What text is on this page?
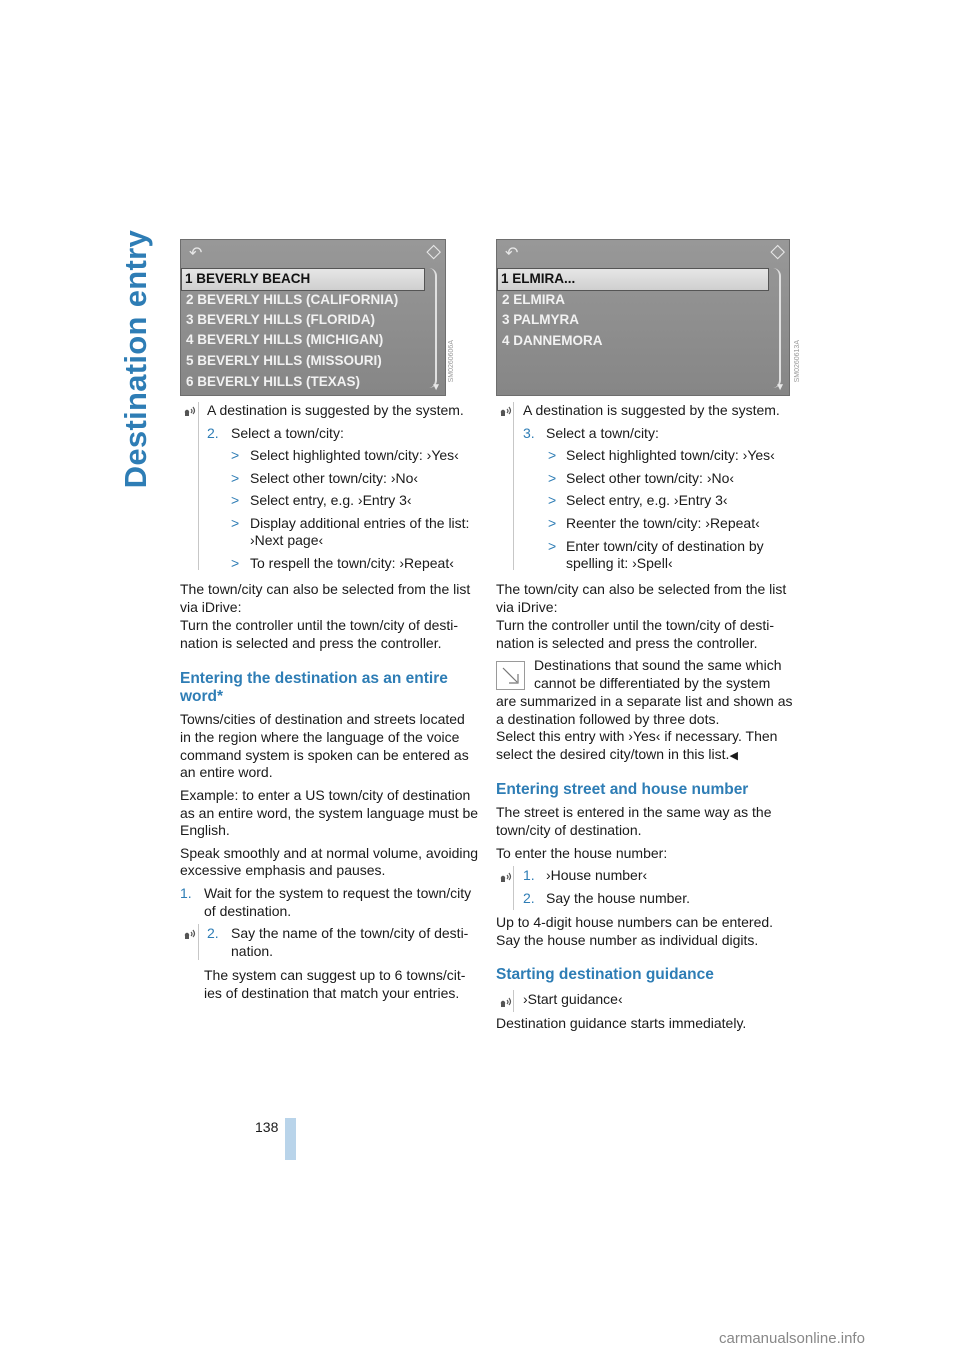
Destination entry ↶	◇
1 BEVERLY BEACH
2 BEVERLY HILLS (CALIFORNIA)
3 BEVERLY HILLS (FLORIDA)
4 BEVERLY HILLS (MICHIGAN)
5 BEVERLY HILLS (MISSOURI)
6 BEVERLY HILLS (TEXAS)	▼
SM0260606A
↶	◇
1 ELMIRA...
2 ELMIRA
3 PALMYRA
4 DANNEMORA
▼
SM0260613A
A destination is suggested by the system.
2. Select a town/city:
> Select highlighted town/city: ›Yes‹
> Select other town/city: ›No‹
> Select entry, e.g. ›Entry 3‹
> Display additional entries of the list:
›Next page‹
> To respell the town/city: ›Repeat‹
The town/city can also be selected from the list
via iDrive:
Turn the controller until the town/city of desti-
nation is selected and press the controller.
Entering the destination as an entire
word*
Towns/cities of destination and streets located
in the region where the language of the voice
command system is spoken can be entered as
an entire word.
Example: to enter a US town/city of destination
as an entire word, the system language must be
English.
Speak smoothly and at normal volume, avoiding
excessive emphasis and pauses.
1. Wait for the system to request the town/city
of destination.
2. Say the name of the town/city of desti-
nation.
The system can suggest up to 6 towns/cit-
ies of destination that match your entries.
A destination is suggested by the system.
3. Select a town/city:
> Select highlighted town/city: ›Yes‹
> Select other town/city: ›No‹
> Select entry, e.g. ›Entry 3‹
> Reenter the town/city: ›Repeat‹
> Enter town/city of destination by
spelling it: ›Spell‹
The town/city can also be selected from the list
via iDrive:
Turn the controller until the town/city of desti-
nation is selected and press the controller.
Destinations that sound the same which
cannot be differentiated by the system
are summarized in a separate list and shown as
a destination followed by three dots.
Select this entry with ›Yes‹ if necessary. Then
select the desired city/town in this list.◀
Entering street and house number
The street is entered in the same way as the
town/city of destination.
To enter the house number:
1. ›House number‹
2. Say the house number.
Up to 4-digit house numbers can be entered.
Say the house number as individual digits.
Starting destination guidance
›Start guidance‹
Destination guidance starts immediately.
138
carmanualsonline.info
